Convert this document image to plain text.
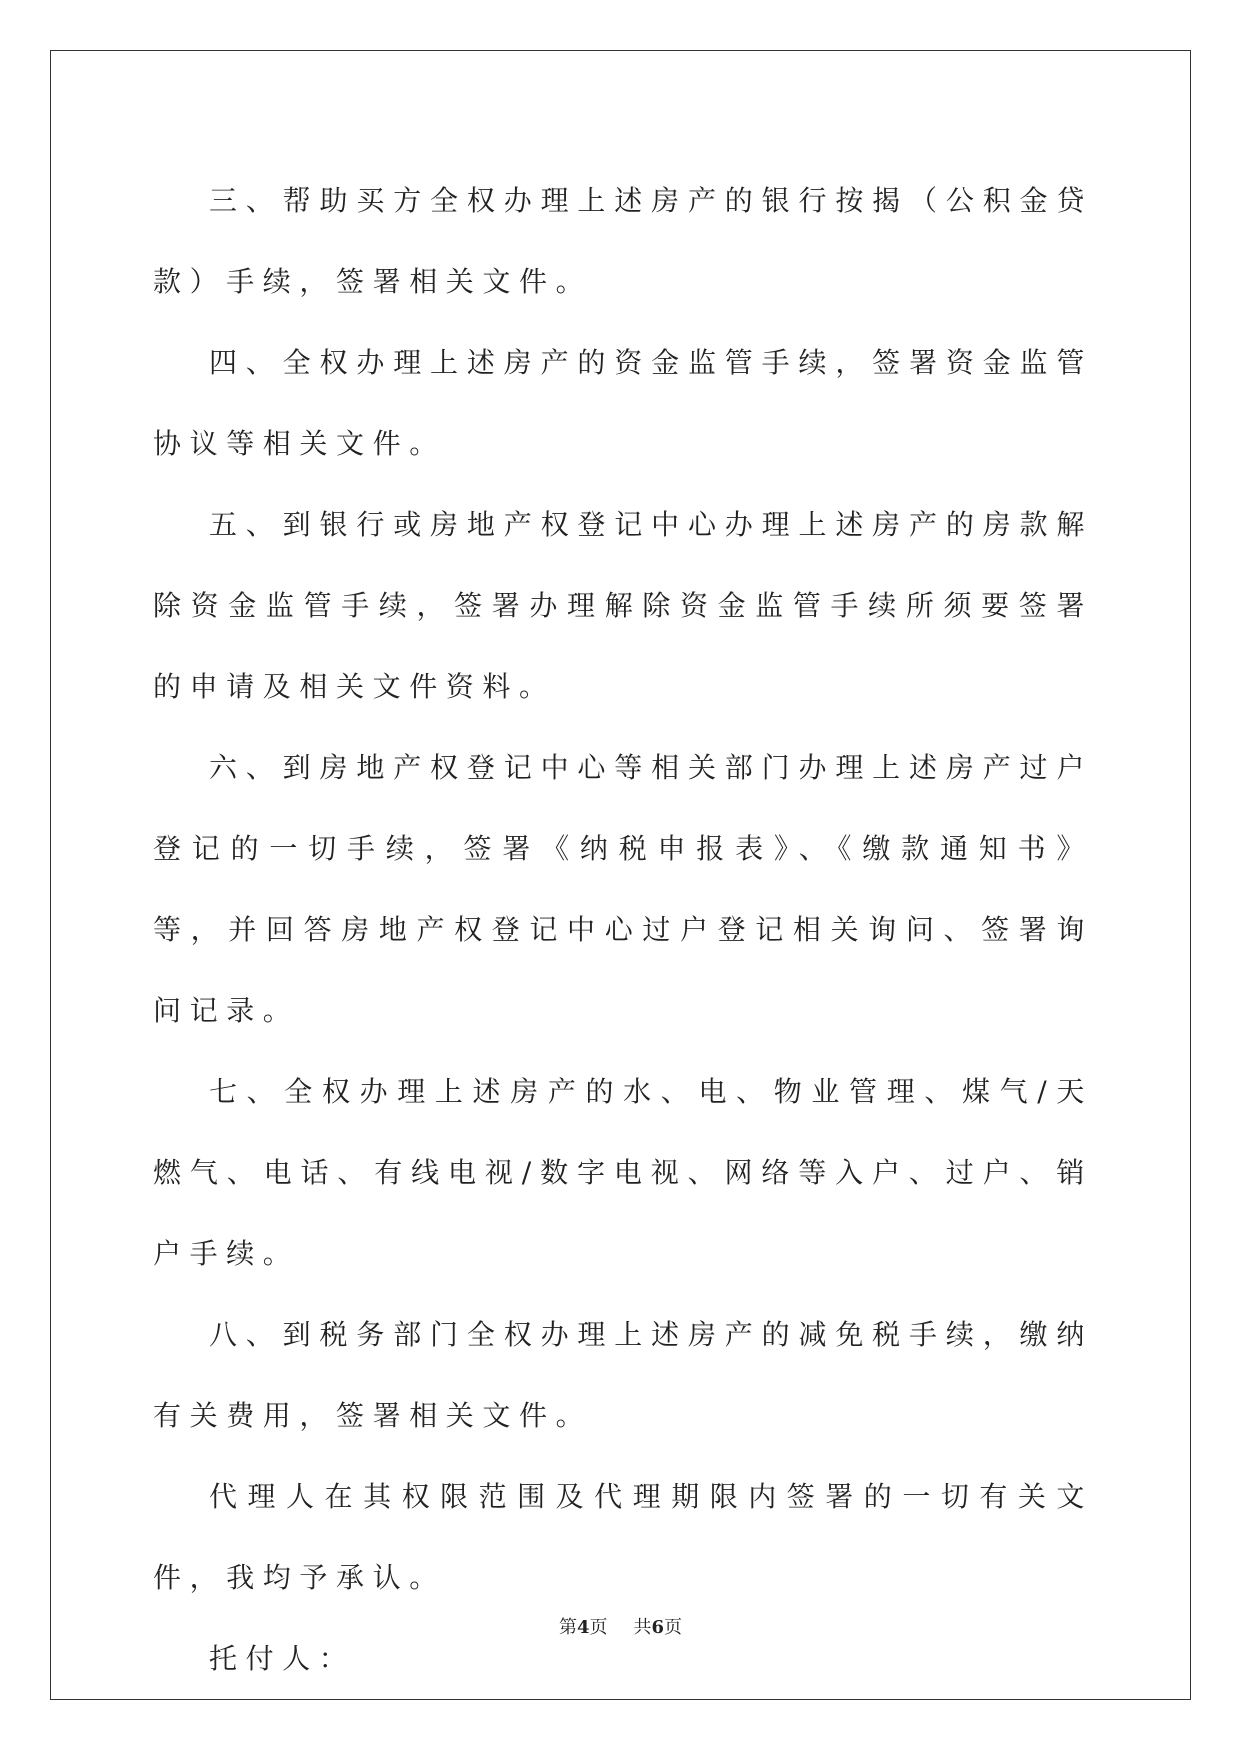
三、帮助买方全权办理上述房产的银行按揭（公积金贷款）手续，签署相关文件。

四、全权办理上述房产的资金监管手续，签署资金监管协议等相关文件。

五、到银行或房地产权登记中心办理上述房产的房款解除资金监管手续，签署办理解除资金监管手续所须要签署的申请及相关文件资料。

六、到房地产权登记中心等相关部门办理上述房产过户登记的一切手续，签署《纳税申报表》、《缴款通知书》等，并回答房地产权登记中心过户登记相关询问、签署询问记录。

七、全权办理上述房产的水、电、物业管理、煤气/天燃气、电话、有线电视/数字电视、网络等入户、过户、销户手续。

八、到税务部门全权办理上述房产的减免税手续，缴纳有关费用，签署相关文件。

代理人在其权限范围及代理期限内签署的一切有关文件，我均予承认。

托付人：

第4页 共6页
